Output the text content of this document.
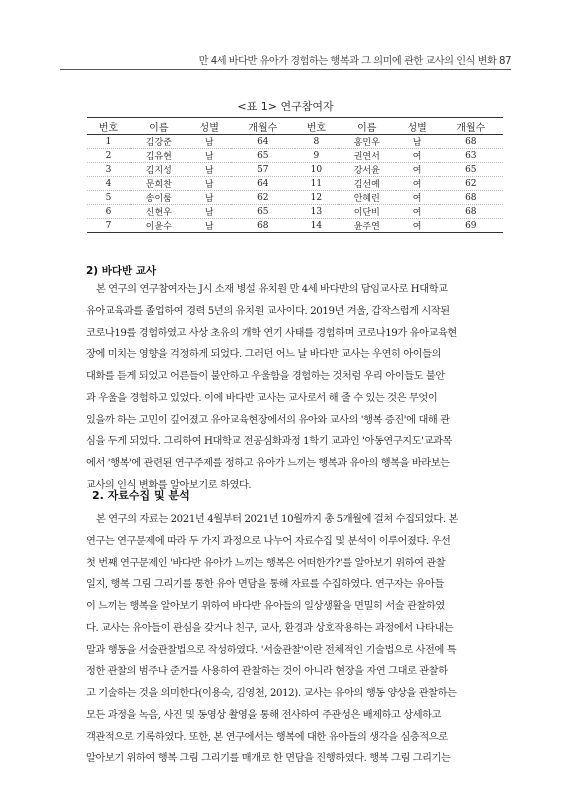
만 4세 바다반 유아가 경험하는 행복과 그 의미에 관한 교사의 인식 변화 87
<표 1> 연구참여자
번호	이름	성별	개월수	번호	이름	성별	개월수
1	김강준	남	64	8	홍민우	남	68
2	김유현	남	65	9	권연서	여	63
3	김지성	남	57	10	강서윤	여	65
4	문희찬	남	64	11	김선예	여	62
5	송이룸	남	62	12	안혜린	여	68
6	신현우	남	65	13	이단비	여	68
7	이윤수	남	68	14	윤주연	여	69
2) 바다반 교사
본 연구의 연구참여자는 J시 소재 병설 유치원 만 4세 바다반의 담임교사로 H대학교
유아교육과를 졸업하여 경력 5년의 유치원 교사이다. 2019년 겨울, 갑작스럽게 시작된
코로나19를 경험하였고 사상 초유의 개학 연기 사태를 경험하며 코로나19가 유아교육현
장에 미치는 영향을 걱정하게 되었다. 그러던 어느 날 바다반 교사는 우연히 아이들의
대화를 듣게 되었고 어른들이 불안하고 우울함을 경험하는 것처럼 우리 아이들도 불안
과 우울을 경험하고 있었다. 이에 바다반 교사는 교사로서 해 줄 수 있는 것은 무엇이
있을까 하는 고민이 깊어졌고 유아교육현장에서의 유아와 교사의 '행복 증진'에 대해 관
심을 두게 되었다. 그리하여 H대학교 전공심화과정 1학기 교과인 '아동연구지도'교과목
에서 '행복'에 관련된 연구주제를 정하고 유아가 느끼는 행복과 유아의 행복을 바라보는
교사의 인식 변화를 알아보기로 하였다.
2. 자료수집 및 분석
본 연구의 자료는 2021년 4월부터 2021년 10월까지 총 5개월에 걸쳐 수집되었다. 본
연구는 연구문제에 따라 두 가지 과정으로 나누어 자료수집 및 분석이 이루어졌다. 우선
첫 번째 연구문제인 '바다반 유아가 느끼는 행복은 어떠한가?'를 알아보기 위하여 관찰
일지, 행복 그림 그리기를 통한 유아 면담을 통해 자료를 수집하였다. 연구자는 유아들
이 느끼는 행복을 알아보기 위하여 바다반 유아들의 일상생활을 면밀히 서술 관찰하였
다. 교사는 유아들이 관심을 갖거나 친구, 교사, 환경과 상호작용하는 과정에서 나타내는
말과 행동을 서술관찰법으로 작성하였다. '서술관찰'이란 전체적인 기술법으로 사전에 특
정한 관찰의 범주나 준거를 사용하여 관찰하는 것이 아니라 현장을 자연 그대로 관찰하
고 기술하는 것을 의미한다(이용숙, 김영천, 2012). 교사는 유아의 행동 양상을 관찰하는
모든 과정을 녹음, 사진 및 동영상 촬영을 통해 전사하여 주관성은 배제하고 상세하고
객관적으로 기록하였다. 또한, 본 연구에서는 행복에 대한 유아들의 생각을 심층적으로
알아보기 위하여 행복 그림 그리기를 매개로 한 면담을 진행하였다. 행복 그림 그리기는
